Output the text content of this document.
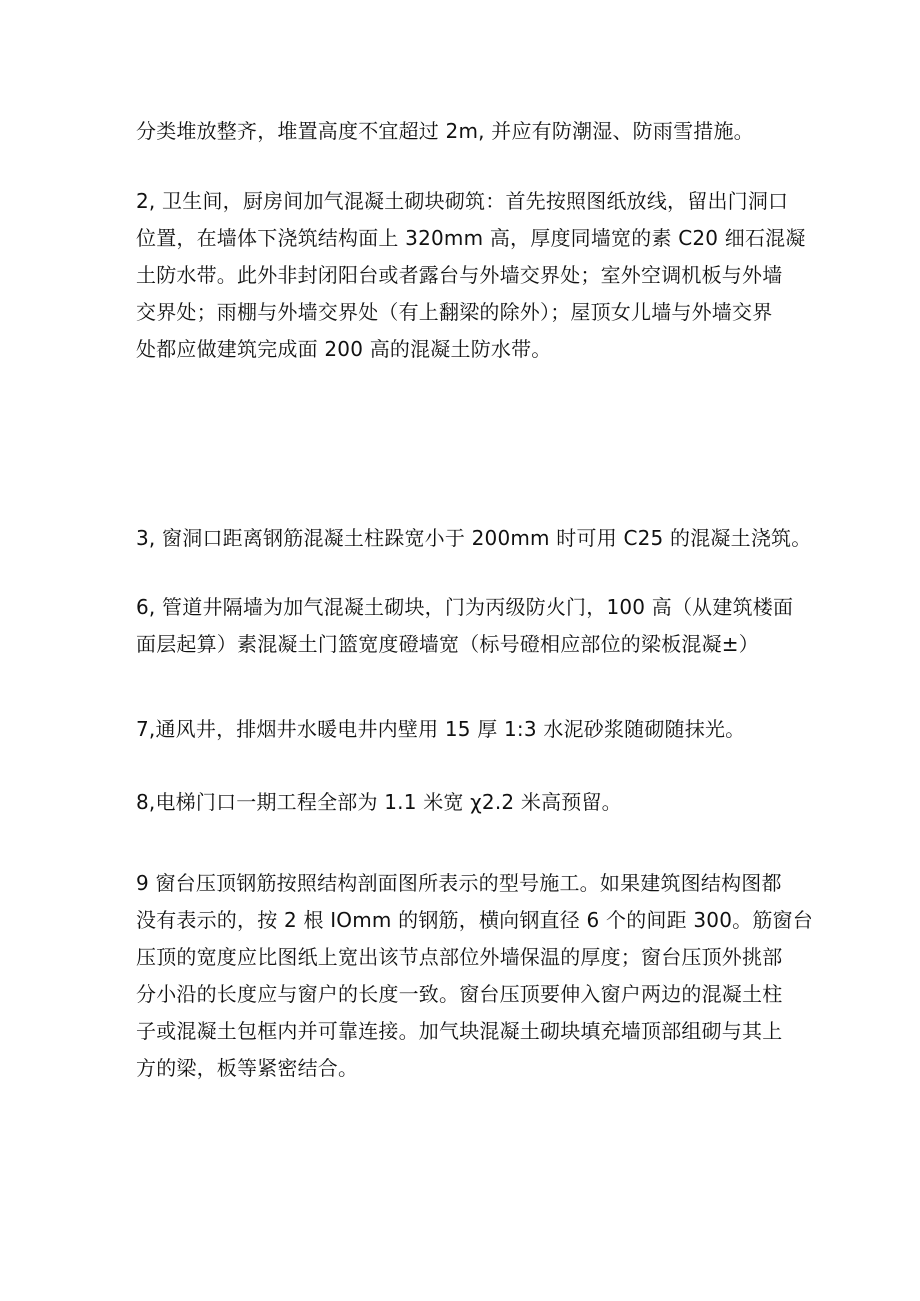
分类堆放整齐，堆置高度不宜超过 2m, 并应有防潮湿、防雨雪措施。

2, 卫生间，厨房间加气混凝土砌块砌筑：首先按照图纸放线，留出门洞口
位置，在墙体下浇筑结构面上 320mm 高，厚度同墙宽的素 C20 细石混凝
土防水带。此外非封闭阳台或者露台与外墙交界处；室外空调机板与外墙
交界处；雨棚与外墙交界处（有上翻梁的除外）；屋顶女儿墙与外墙交界
处都应做建筑完成面 200 高的混凝土防水带。

3, 窗洞口距离钢筋混凝土柱跺宽小于 200mm 时可用 C25 的混凝土浇筑。

6, 管道井隔墙为加气混凝土砌块，门为丙级防火门，100 高（从建筑楼面
面层起算）素混凝土门篮宽度磴墙宽（标号磴相应部位的梁板混凝±）

7,通风井，排烟井水暖电井内壁用 15 厚 1:3 水泥砂浆随砌随抹光。

8,电梯门口一期工程全部为 1.1 米宽 χ2.2 米高预留。

9 窗台压顶钢筋按照结构剖面图所表示的型号施工。如果建筑图结构图都
没有表示的，按 2 根 IOmm 的钢筋，横向钢直径 6 个的间距 300。筋窗台
压顶的宽度应比图纸上宽出该节点部位外墙保温的厚度；窗台压顶外挑部
分小沿的长度应与窗户的长度一致。窗台压顶要伸入窗户两边的混凝土柱
子或混凝土包框内并可靠连接。加气块混凝土砌块填充墙顶部组砌与其上
方的梁，板等紧密结合。
